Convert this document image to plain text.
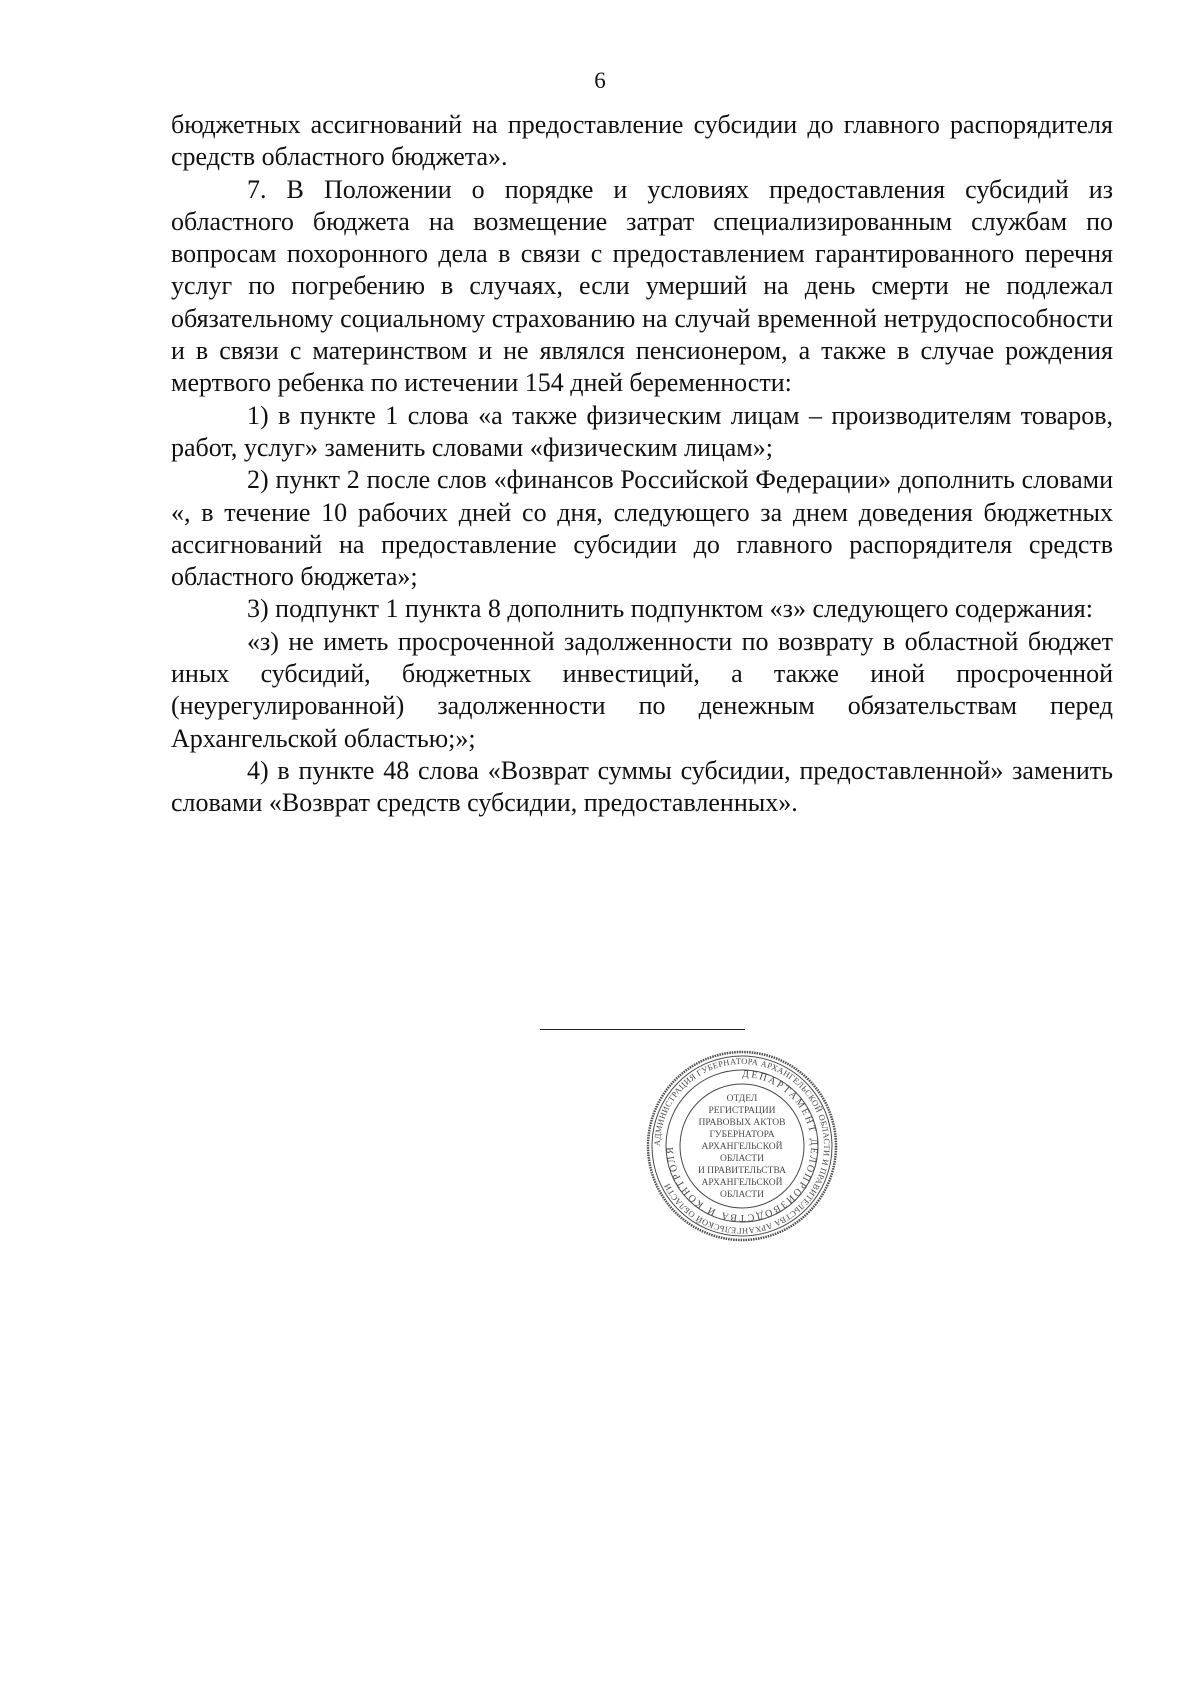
6

бюджетных ассигнований на предоставление субсидии до главного распорядителя средств областного бюджета».

7. В Положении о порядке и условиях предоставления субсидий из областного бюджета на возмещение затрат специализированным службам по вопросам похоронного дела в связи с предоставлением гарантированного перечня услуг по погребению в случаях, если умерший на день смерти не подлежал обязательному социальному страхованию на случай временной нетрудоспособности и в связи с материнством и не являлся пенсионером, а также в случае рождения мертвого ребенка по истечении 154 дней беременности:

1) в пункте 1 слова «а также физическим лицам – производителям товаров, работ, услуг» заменить словами «физическим лицам»;

2) пункт 2 после слов «финансов Российской Федерации» дополнить словами «, в течение 10 рабочих дней со дня, следующего за днем доведения бюджетных ассигнований на предоставление субсидии до главного распорядителя средств областного бюджета»;

3) подпункт 1 пункта 8 дополнить подпунктом «з» следующего содержания:

«з) не иметь просроченной задолженности по возврату в областной бюджет иных субсидий, бюджетных инвестиций, а также иной просроченной (неурегулированной) задолженности по денежным обязательствам перед Архангельской областью;»;

4) в пункте 48 слова «Возврат суммы субсидии, предоставленной» заменить словами «Возврат средств субсидии, предоставленных».

АДМИНИСТРАЦИЯ ГУБЕРНАТОРА АРХАНГЕЛЬСКОЙ ОБЛАСТИ И ПРАВИТЕЛЬСТВА АРХАНГЕЛЬСКОЙ ОБЛАСТИ
ДЕПАРТАМЕНТ ДЕЛОПРОИЗВОДСТВА И КОНТРОЛЯ
ОТДЕЛ
РЕГИСТРАЦИИ
ПРАВОВЫХ АКТОВ
ГУБЕРНАТОРА
АРХАНГЕЛЬСКОЙ
ОБЛАСТИ
И ПРАВИТЕЛЬСТВА
АРХАНГЕЛЬСКОЙ
ОБЛАСТИ
